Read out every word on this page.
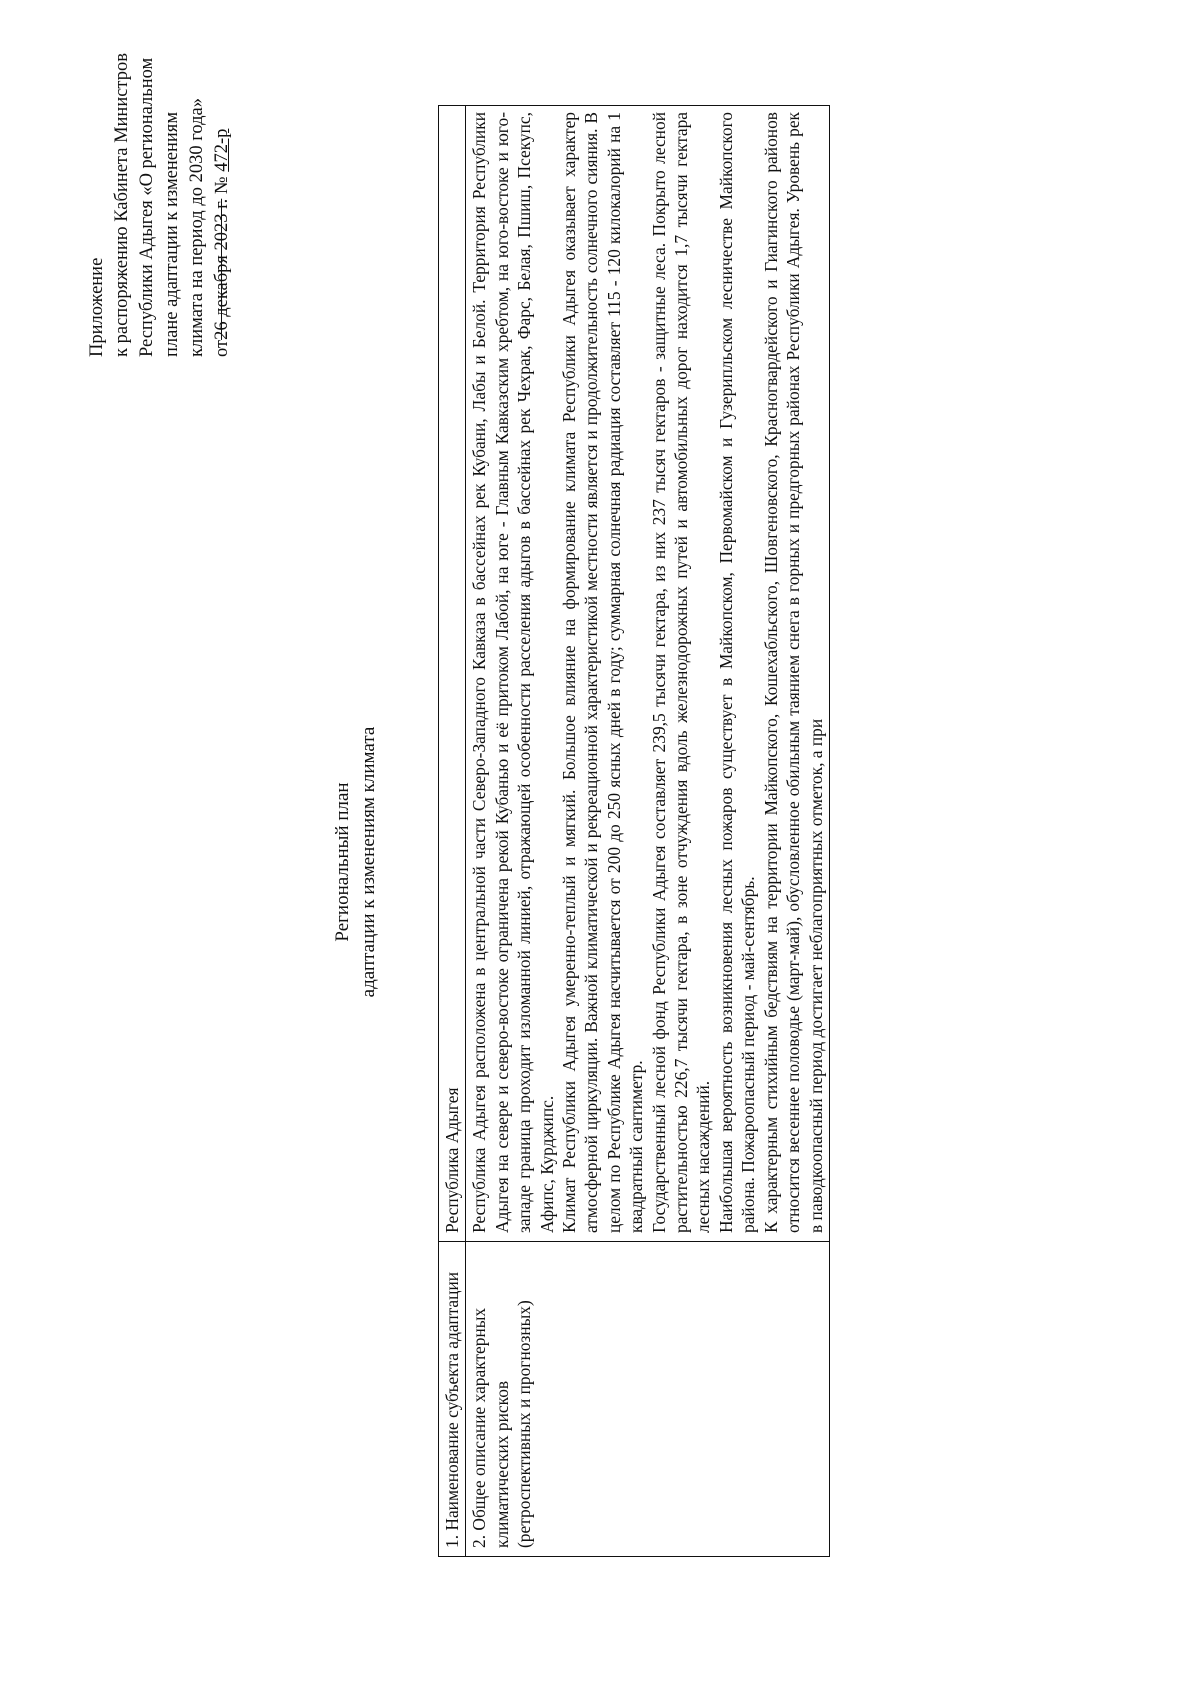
Приложение к распоряжению Кабинета Министров Республики Адыгея «О региональном плане адаптации к изменениям климата на период до 2030 года» от26 декабря 2023 г. № 472-р
Региональный план адаптации к изменениям климата
1. Наименование субъекта адаптации	Республика Адыгея

2. Общее описание характерных климатических рисков (ретроспективных и прогнозных)	Республика Адыгея расположена в центральной части Северо-Западного Кавказа в бассейнах рек Кубани, Лабы и Белой. Территория Республики Адыгея на севере и северо-востоке ограничена рекой Кубанью и её притоком Лабой, на юге - Главным Кавказским хребтом, на юго-востоке и юго-западе граница проходит изломанной линией, отражающей особенности расселения адыгов в бассейнах рек Чехрак, Фарс, Белая, Пшиш, Псекупс, Афипс, Курджипс. Климат Республики Адыгея умеренно-теплый и мягкий. Большое влияние на формирование климата Республики Адыгея оказывает характер атмосферной циркуляции. Важной климатической и рекреационной характеристикой местности является и продолжительность солнечного сияния. В целом по Республике Адыгея насчитывается от 200 до 250 ясных дней в году; суммарная солнечная радиация составляет 115 - 120 килокалорий на 1 квадратный сантиметр. Государственный лесной фонд Республики Адыгея составляет 239,5 тысячи гектара, из них 237 тысяч гектаров - защитные леса. Покрыто лесной растительностью 226,7 тысячи гектара, в зоне отчуждения вдоль железнодорожных путей и автомобильных дорог находится 1,7 тысячи гектара лесных насаждений. Наибольшая вероятность возникновения лесных пожаров существует в Майкопском, Первомайском и Гузерипльском лесничестве Майкопского района. Пожароопасный период - май-сентябрь. К характерным стихийным бедствиям на территории Майкопского, Кошехабльского, Шовгеновского, Красногвардейского и Гиагинского районов относится весеннее половодье (март-май), обусловленное обильным таянием снега в горных и предгорных районах Республики Адыгея. Уровень рек в паводкоопасный период достигает неблагоприятных отметок, а при
